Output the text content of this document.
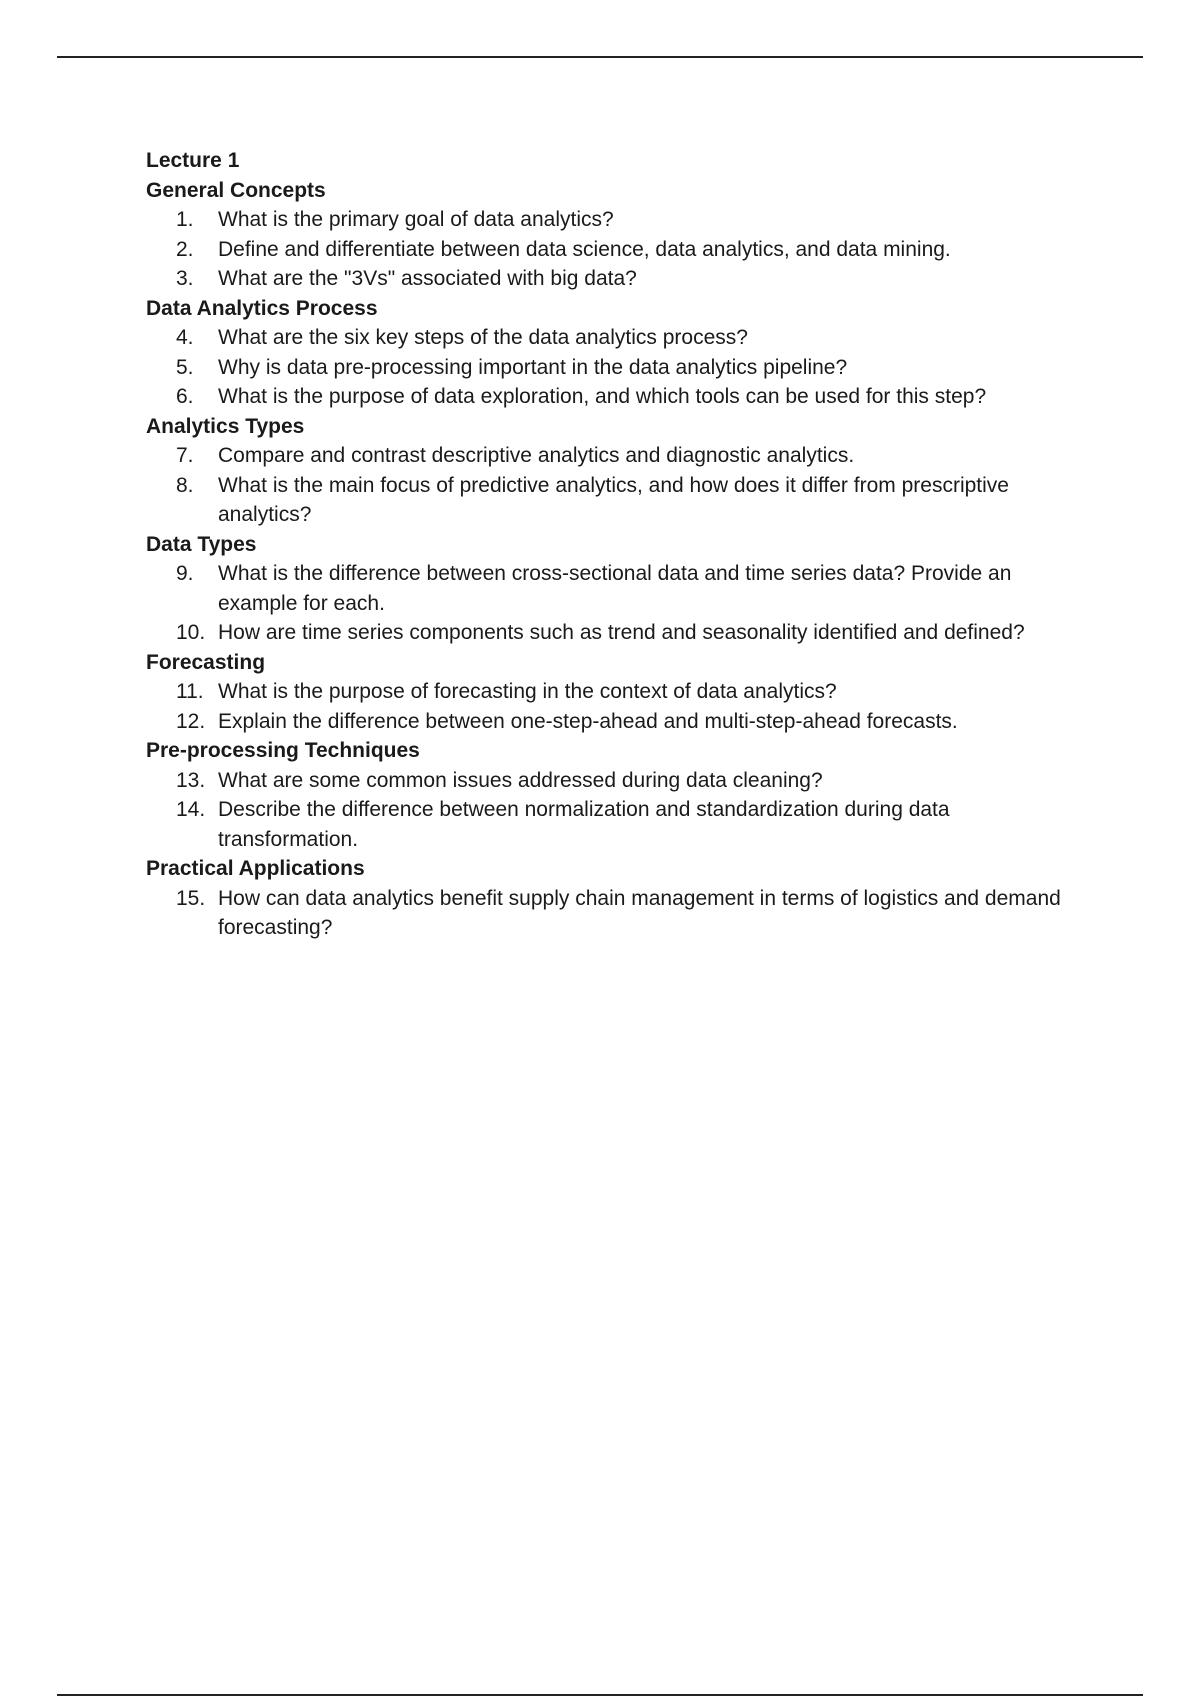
Lecture 1
General Concepts
1.	What is the primary goal of data analytics?
2.	Define and differentiate between data science, data analytics, and data mining.
3.	What are the "3Vs" associated with big data?
Data Analytics Process
4.	What are the six key steps of the data analytics process?
5.	Why is data pre-processing important in the data analytics pipeline?
6.	What is the purpose of data exploration, and which tools can be used for this step?
Analytics Types
7.	Compare and contrast descriptive analytics and diagnostic analytics.
8.	What is the main focus of predictive analytics, and how does it differ from prescriptive analytics?
Data Types
9.	What is the difference between cross-sectional data and time series data? Provide an example for each.
10. How are time series components such as trend and seasonality identified and defined?
Forecasting
11. What is the purpose of forecasting in the context of data analytics?
12. Explain the difference between one-step-ahead and multi-step-ahead forecasts.
Pre-processing Techniques
13. What are some common issues addressed during data cleaning?
14. Describe the difference between normalization and standardization during data transformation.
Practical Applications
15. How can data analytics benefit supply chain management in terms of logistics and demand forecasting?
